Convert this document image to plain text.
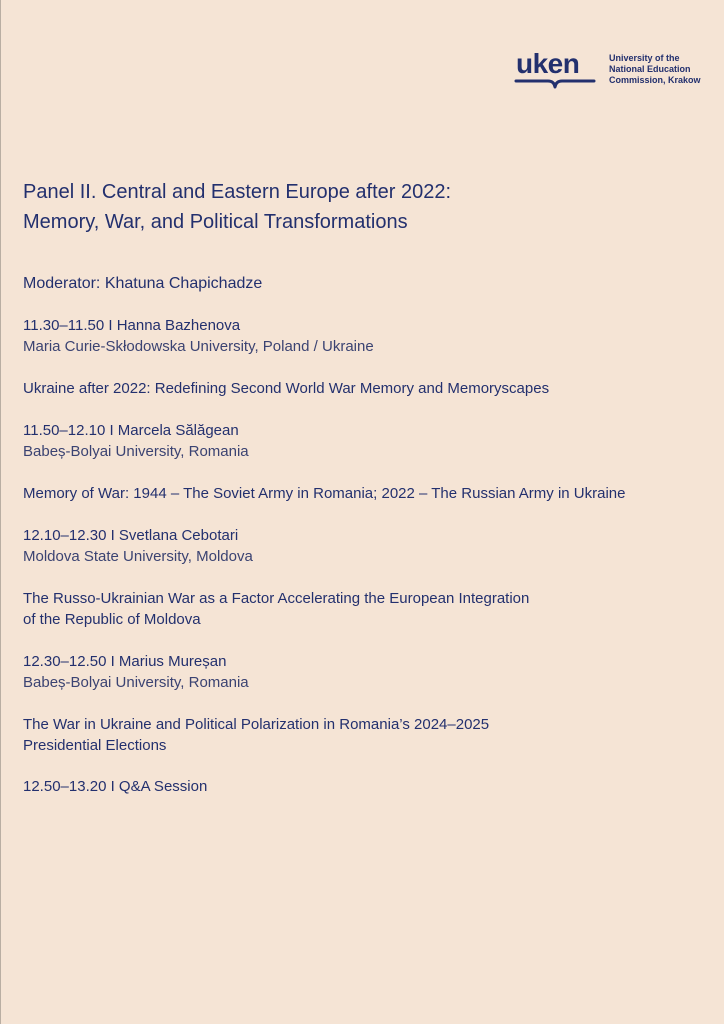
uken	University of the
National Education
Commission, Krakow
Panel II. Central and Eastern Europe after 2022:
Memory, War, and Political Transformations
Moderator: Khatuna Chapichadze
11.30–11.50 I Hanna Bazhenova
Maria Curie-Skłodowska University, Poland / Ukraine
Ukraine after 2022: Redefining Second World War Memory and Memoryscapes
11.50–12.10 I Marcela Sălăgean
Babeș-Bolyai University, Romania
Memory of War: 1944 – The Soviet Army in Romania; 2022 – The Russian Army in Ukraine
12.10–12.30 I Svetlana Cebotari
Moldova State University, Moldova
The Russo-Ukrainian War as a Factor Accelerating the European Integration
of the Republic of Moldova
12.30–12.50 I Marius Mureșan
Babeș-Bolyai University, Romania
The War in Ukraine and Political Polarization in Romania’s 2024–2025
Presidential Elections
12.50–13.20 I Q&A Session
